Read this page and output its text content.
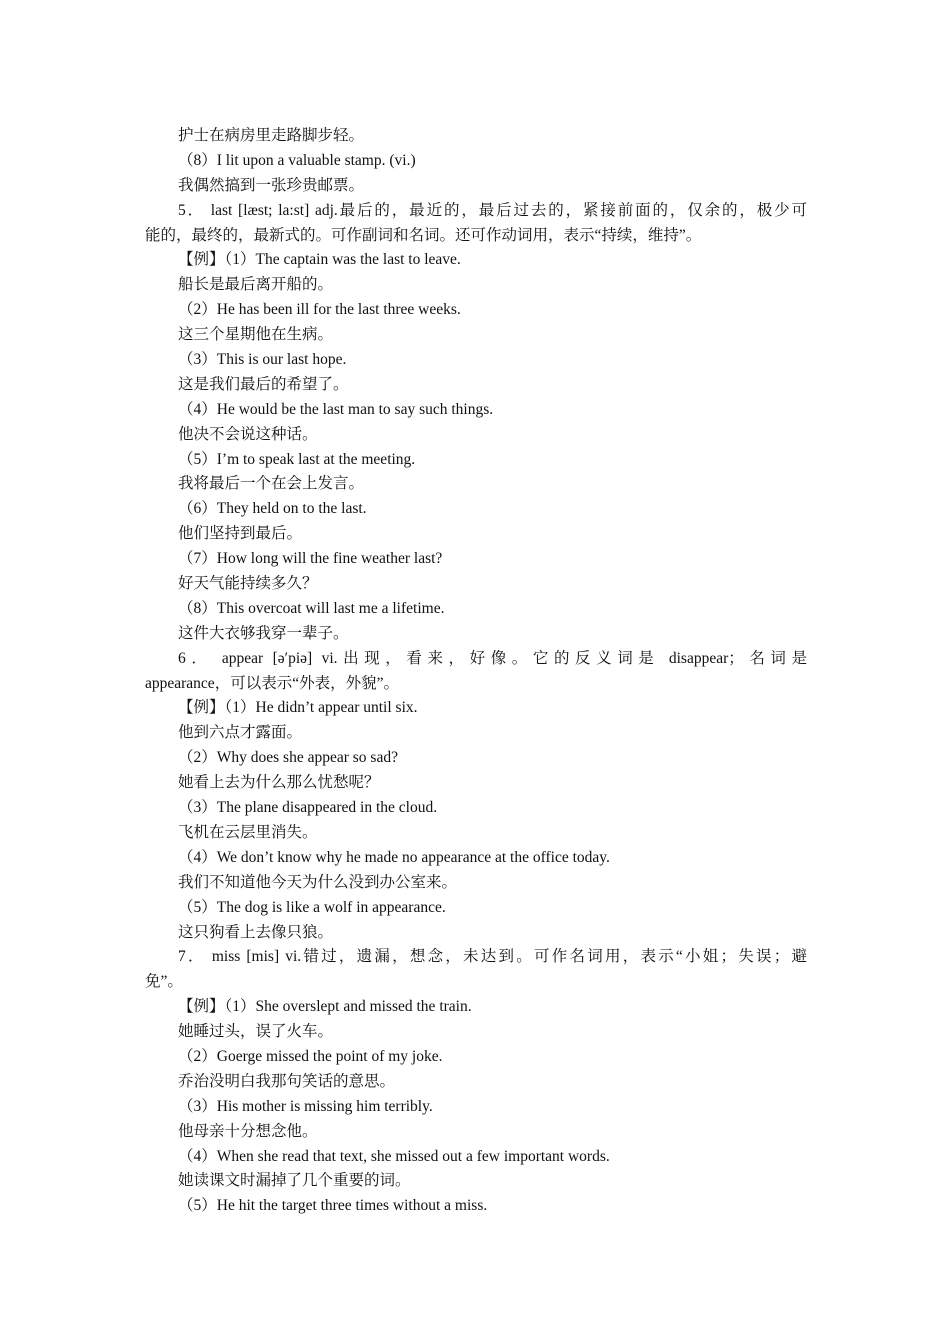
护士在病房里走路脚步轻。
（8）I lit upon a valuable stamp. (vi.)
我偶然搞到一张珍贵邮票。
5． last [læst; la:st] adj.最后的，最近的，最后过去的，紧接前面的，仅余的，极少可
能的，最终的，最新式的。可作副词和名词。还可作动词用，表示“持续，维持”。
【例】（1）The captain was the last to leave.
船长是最后离开船的。
（2）He has been ill for the last three weeks.
这三个星期他在生病。
（3）This is our last hope.
这是我们最后的希望了。
（4）He would be the last man to say such things.
他决不会说这种话。
（5）I’m to speak last at the meeting.
我将最后一个在会上发言。
（6）They held on to the last.
他们坚持到最后。
（7）How long will the fine weather last?
好天气能持续多久？
（8）This overcoat will last me a lifetime.
这件大衣够我穿一辈子。
6． appear [ə′piə] vi.出现，看来，好像。它的反义词是 disappear；名词是
appearance，可以表示“外表，外貌”。
【例】（1）He didn’t appear until six.
他到六点才露面。
（2）Why does she appear so sad?
她看上去为什么那么忧愁呢？
（3）The plane disappeared in the cloud.
飞机在云层里消失。
（4）We don’t know why he made no appearance at the office today.
我们不知道他今天为什么没到办公室来。
（5）The dog is like a wolf in appearance.
这只狗看上去像只狼。
7． miss [mis] vi.错过，遗漏，想念，未达到。可作名词用，表示“小姐；失误；避
免”。
【例】（1）She overslept and missed the train.
她睡过头，误了火车。
（2）Goerge missed the point of my joke.
乔治没明白我那句笑话的意思。
（3）His mother is missing him terribly.
他母亲十分想念他。
（4）When she read that text, she missed out a few important words.
她读课文时漏掉了几个重要的词。
（5）He hit the target three times without a miss.
